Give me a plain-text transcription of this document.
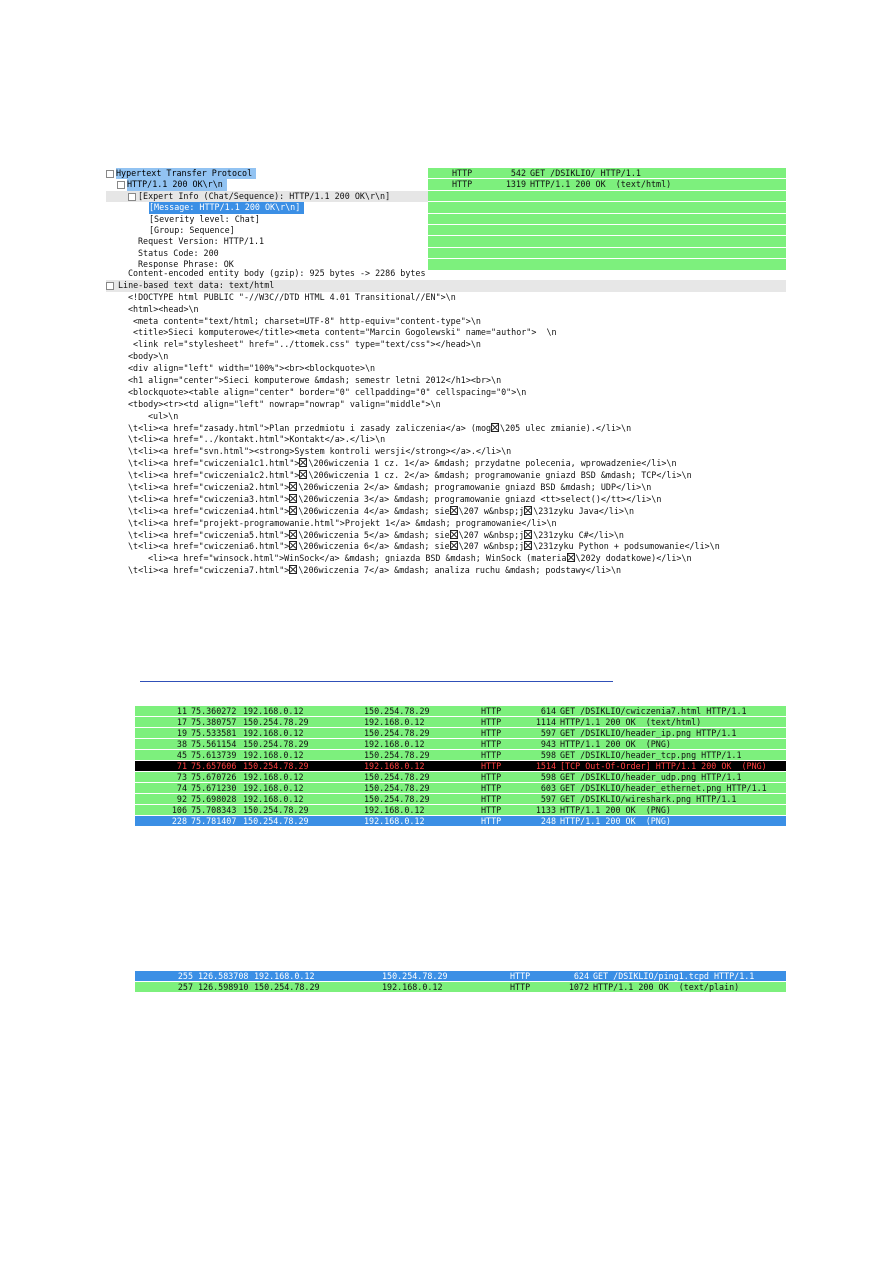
Hypertext Transfer Protocol
HTTP/1.1 200 OK\r\n
[Expert Info (Chat/Sequence): HTTP/1.1 200 OK\r\n]
[Message: HTTP/1.1 200 OK\r\n]
[Severity level: Chat]
[Group: Sequence]
Request Version: HTTP/1.1
Status Code: 200
Response Phrase: OK
HTTP	542 GET /DSIKLIO/ HTTP/1.1
HTTP	1319 HTTP/1.1 200 OK  (text/html)
Content-encoded entity body (gzip): 925 bytes -> 2286 bytes
Line-based text data: text/html
<!DOCTYPE html PUBLIC "-//W3C//DTD HTML 4.01 Transitional//EN">\n
<html><head>\n
<meta content="text/html; charset=UTF-8" http-equiv="content-type">\n
<title>Sieci komputerowe</title><meta content="Marcin Gogolewski" name="author">  \n
<link rel="stylesheet" href="../ttomek.css" type="text/css"></head>\n
<body>\n
<div align="left" width="100%"><br><blockquote>\n
<h1 align="center">Sieci komputerowe &mdash; semestr letni 2012</h1><br>\n
<blockquote><table align="center" border="0" cellpadding="0" cellspacing="0">\n
<tbody><tr><td align="left" nowrap="nowrap" valign="middle">\n
<ul>\n
\t<li><a href="zasady.html">Plan przedmiotu i zasady zaliczenia</a> (mog \205 ulec zmianie).</li>\n
\t<li><a href="../kontakt.html">Kontakt</a>.</li>\n
\t<li><a href="svn.html"><strong>System kontroli wersji</strong></a>.</li>\n
\t<li><a href="cwiczenia1c1.html"> \206wiczenia 1 cz. 1</a> &mdash; przydatne polecenia, wprowadzenie</li>\n
\t<li><a href="cwiczenia1c2.html"> \206wiczenia 1 cz. 2</a> &mdash; programowanie gniazd BSD &mdash; TCP</li>\n
\t<li><a href="cwiczenia2.html"> \206wiczenia 2</a> &mdash; programowanie gniazd BSD &mdash; UDP</li>\n
\t<li><a href="cwiczenia3.html"> \206wiczenia 3</a> &mdash; programowanie gniazd <tt>select()</tt></li>\n
\t<li><a href="cwiczenia4.html"> \206wiczenia 4</a> &mdash; sie \207 w&nbsp;j \231zyku Java</li>\n
\t<li><a href="projekt-programowanie.html">Projekt 1</a> &mdash; programowanie</li>\n
\t<li><a href="cwiczenia5.html"> \206wiczenia 5</a> &mdash; sie \207 w&nbsp;j \231zyku C#</li>\n
\t<li><a href="cwiczenia6.html"> \206wiczenia 6</a> &mdash; sie \207 w&nbsp;j \231zyku Python + podsumowanie</li>\n
<li><a href="winsock.html">WinSock</a> &mdash; gniazda BSD &mdash; WinSock (materia \202y dodatkowe)</li>\n
\t<li><a href="cwiczenia7.html"> \206wiczenia 7</a> &mdash; analiza ruchu &mdash; podstawy</li>\n
11 75.360272 192.168.0.12	150.254.78.29	HTTP	614 GET /DSIKLIO/cwiczenia7.html HTTP/1.1
17 75.380757 150.254.78.29	192.168.0.12	HTTP	1114 HTTP/1.1 200 OK  (text/html)
19 75.533581 192.168.0.12	150.254.78.29	HTTP	597 GET /DSIKLIO/header_ip.png HTTP/1.1
38 75.561154 150.254.78.29	192.168.0.12	HTTP	943 HTTP/1.1 200 OK  (PNG)
45 75.613739 192.168.0.12	150.254.78.29	HTTP	598 GET /DSIKLIO/header_tcp.png HTTP/1.1
71 75.657606 150.254.78.29	192.168.0.12	HTTP	1514 [TCP Out-Of-Order] HTTP/1.1 200 OK  (PNG)
73 75.670726 192.168.0.12	150.254.78.29	HTTP	598 GET /DSIKLIO/header_udp.png HTTP/1.1
74 75.671230 192.168.0.12	150.254.78.29	HTTP	603 GET /DSIKLIO/header_ethernet.png HTTP/1.1
92 75.698028 192.168.0.12	150.254.78.29	HTTP	597 GET /DSIKLIO/wireshark.png HTTP/1.1
106 75.708343 150.254.78.29	192.168.0.12	HTTP	1133 HTTP/1.1 200 OK  (PNG)
228 75.781407 150.254.78.29	192.168.0.12	HTTP	248 HTTP/1.1 200 OK  (PNG)
255 126.583708 192.168.0.12	150.254.78.29	HTTP	624 GET /DSIKLIO/ping1.tcpd HTTP/1.1
257 126.598910 150.254.78.29	192.168.0.12	HTTP	1072 HTTP/1.1 200 OK  (text/plain)
